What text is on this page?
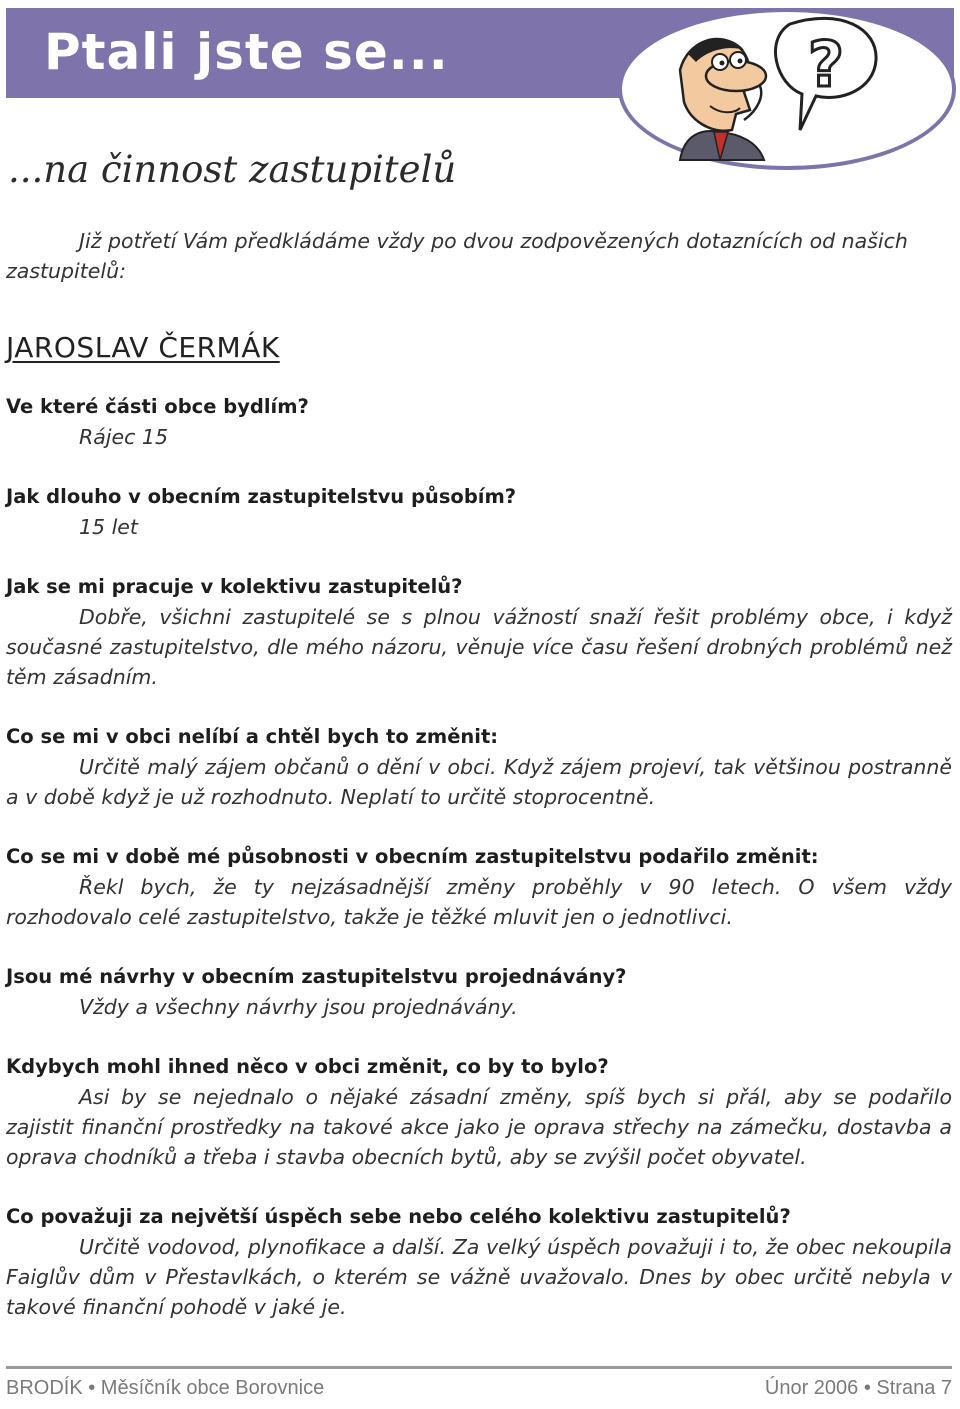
Ptali jste se...	?
...na činnost zastupitelů

Již potřetí Vám předkládáme vždy po dvou zodpovězených dotaznících od našich zastupitelů:

JAROSLAV ČERMÁK

Ve které části obce bydlím?

Rájec 15

Jak dlouho v obecním zastupitelstvu působím?

15 let

Jak se mi pracuje v kolektivu zastupitelů?

Dobře, všichni zastupitelé se s plnou vážností snaží řešit problémy obce, i když současné zastupitelstvo, dle mého názoru, věnuje více času řešení drobných problémů než těm zásadním.

Co se mi v obci nelíbí a chtěl bych to změnit:

Určitě malý zájem občanů o dění v obci. Když zájem projeví, tak většinou postranně a v době když je už rozhodnuto. Neplatí to určitě stoprocentně.

Co se mi v době mé působnosti v obecním zastupitelstvu podařilo změnit:

Řekl bych, že ty nejzásadnější změny proběhly v 90 letech. O všem vždy rozhodovalo celé zastupitelstvo, takže je těžké mluvit jen o jednotlivci.

Jsou mé návrhy v obecním zastupitelstvu projednávány?

Vždy a všechny návrhy jsou projednávány.

Kdybych mohl ihned něco v obci změnit, co by to bylo?

Asi by se nejednalo o nějaké zásadní změny, spíš bych si přál, aby se podařilo zajistit finanční prostředky na takové akce jako je oprava střechy na zámečku, dostavba a oprava chodníků a třeba i stavba obecních bytů, aby se zvýšil počet obyvatel.

Co považuji za největší úspěch sebe nebo celého kolektivu zastupitelů?

Určitě vodovod, plynofikace a další. Za velký úspěch považuji i to, že obec nekoupila Faiglův dům v Přestavlkách, o kterém se vážně uvažovalo. Dnes by obec určitě nebyla v takové finanční pohodě v jaké je.

BRODÍK • Měsíčník obce Borovnice	Únor 2006 • Strana 7
